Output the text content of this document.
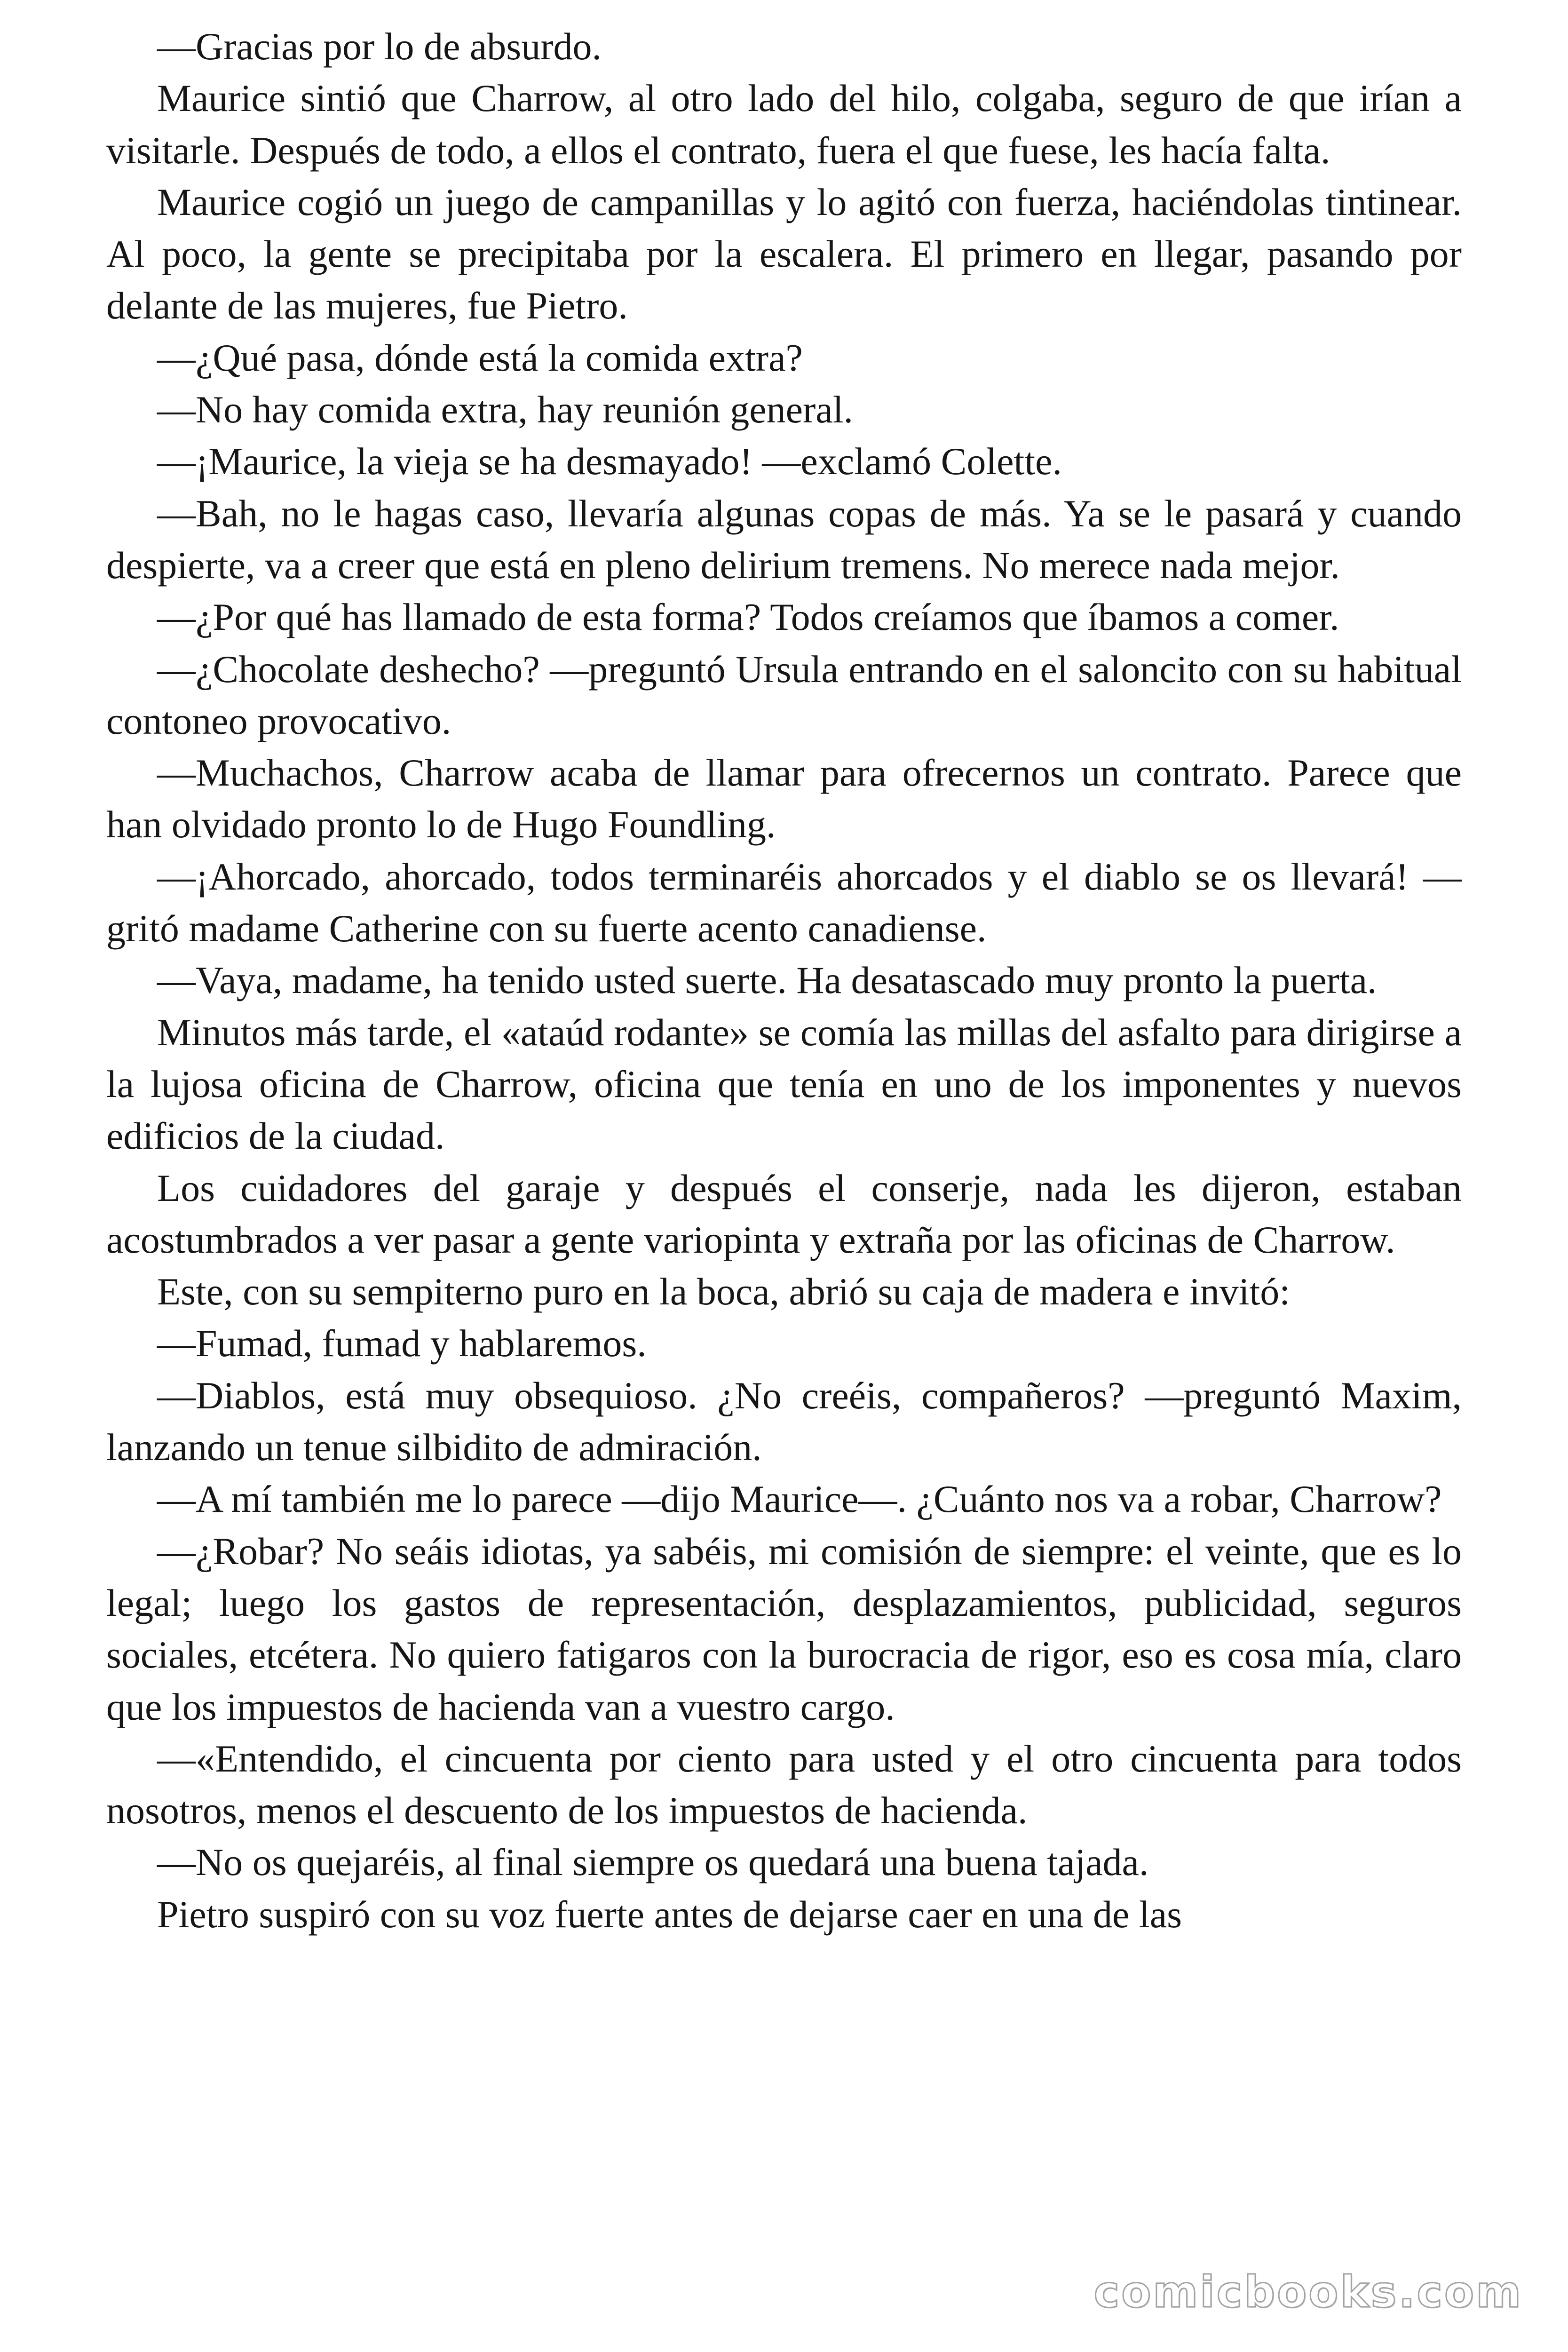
—Gracias por lo de absurdo.

Maurice sintió que Charrow, al otro lado del hilo, colgaba, seguro de que irían a visitarle. Después de todo, a ellos el contrato, fuera el que fuese, les hacía falta.

Maurice cogió un juego de campanillas y lo agitó con fuerza, haciéndolas tintinear. Al poco, la gente se precipitaba por la escalera. El primero en llegar, pasando por delante de las mujeres, fue Pietro.

—¿Qué pasa, dónde está la comida extra?

—No hay comida extra, hay reunión general.

—¡Maurice, la vieja se ha desmayado! —exclamó Colette.

—Bah, no le hagas caso, llevaría algunas copas de más. Ya se le pasará y cuando despierte, va a creer que está en pleno delirium tremens. No merece nada mejor.

—¿Por qué has llamado de esta forma? Todos creíamos que íbamos a comer.

—¿Chocolate deshecho? —preguntó Ursula entrando en el saloncito con su habitual contoneo provocativo.

—Muchachos, Charrow acaba de llamar para ofrecernos un contrato. Parece que han olvidado pronto lo de Hugo Foundling.

—¡Ahorcado, ahorcado, todos terminaréis ahorcados y el diablo se os llevará! —gritó madame Catherine con su fuerte acento canadiense.

—Vaya, madame, ha tenido usted suerte. Ha desatascado muy pronto la puerta.

Minutos más tarde, el «ataúd rodante» se comía las millas del asfalto para dirigirse a la lujosa oficina de Charrow, oficina que tenía en uno de los imponentes y nuevos edificios de la ciudad.

Los cuidadores del garaje y después el conserje, nada les dijeron, estaban acostumbrados a ver pasar a gente variopinta y extraña por las oficinas de Charrow.

Este, con su sempiterno puro en la boca, abrió su caja de madera e invitó:

—Fumad, fumad y hablaremos.

—Diablos, está muy obsequioso. ¿No creéis, compañeros? —preguntó Maxim, lanzando un tenue silbidito de admiración.

—A mí también me lo parece —dijo Maurice—. ¿Cuánto nos va a robar, Charrow?

—¿Robar? No seáis idiotas, ya sabéis, mi comisión de siempre: el veinte, que es lo legal; luego los gastos de representación, desplazamientos, publicidad, seguros sociales, etcétera. No quiero fatigaros con la burocracia de rigor, eso es cosa mía, claro que los impuestos de hacienda van a vuestro cargo.

—«Entendido, el cincuenta por ciento para usted y el otro cincuenta para todos nosotros, menos el descuento de los impuestos de hacienda.

—No os quejaréis, al final siempre os quedará una buena tajada.

Pietro suspiró con su voz fuerte antes de dejarse caer en una de las

comicbooks.com
